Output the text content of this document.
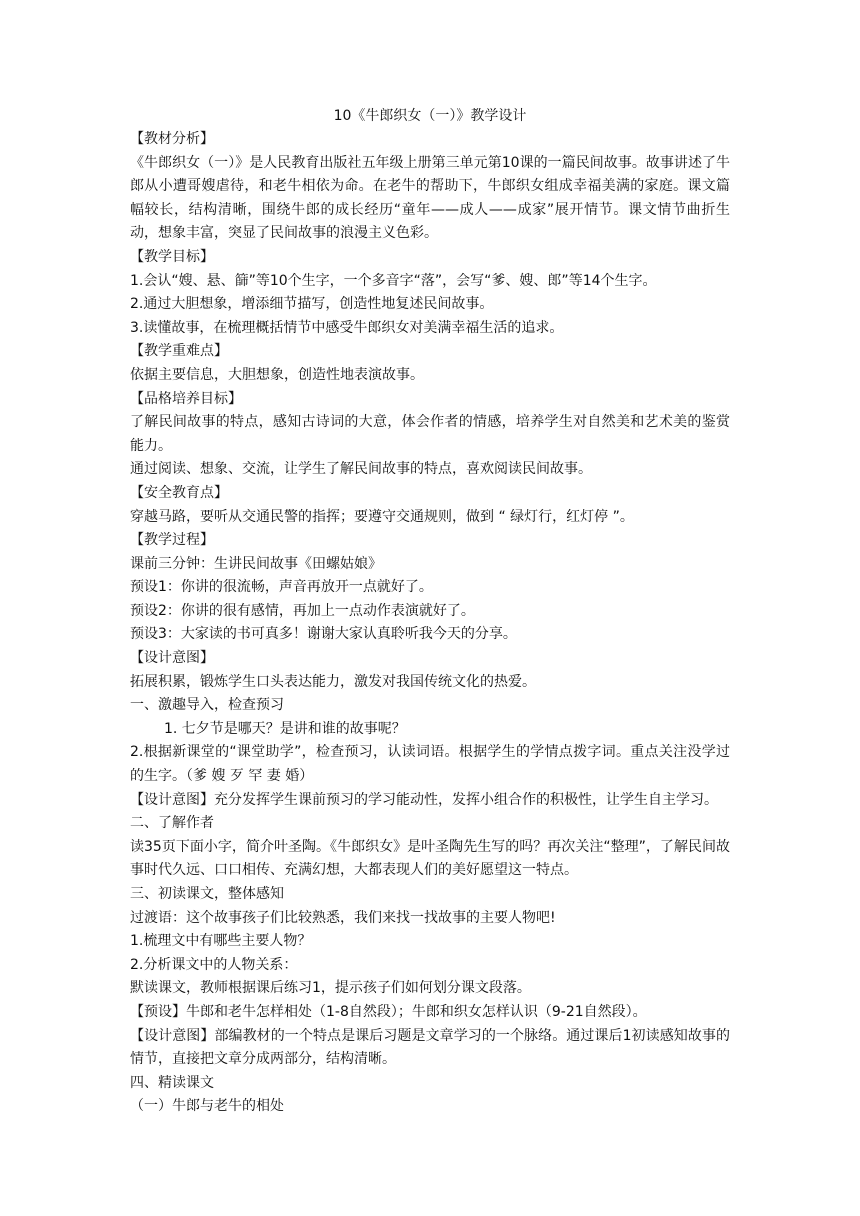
10《牛郎织女（一）》教学设计
【教材分析】
《牛郎织女（一）》是人民教育出版社五年级上册第三单元第10课的一篇民间故事。故事讲述了牛郎从小遭哥嫂虐待，和老牛相依为命。在老牛的帮助下，牛郎织女组成幸福美满的家庭。课文篇幅较长，结构清晰，围绕牛郎的成长经历“童年——成人——成家”展开情节。课文情节曲折生动，想象丰富，突显了民间故事的浪漫主义色彩。
【教学目标】
1.会认“嫂、悬、篩”等10个生字，一个多音字“落”，会写“爹、嫂、郎”等14个生字。
2.通过大胆想象，增添细节描写，创造性地复述民间故事。
3.读懂故事，在梳理概括情节中感受牛郎织女对美满幸福生活的追求。
【教学重难点】
依据主要信息，大胆想象，创造性地表演故事。
【品格培养目标】
了解民间故事的特点，感知古诗词的大意，体会作者的情感，培养学生对自然美和艺术美的鉴赏能力。
通过阅读、想象、交流，让学生了解民间故事的特点，喜欢阅读民间故事。
【安全教育点】
穿越马路，要听从交通民警的指挥；要遵守交通规则，做到 “ 绿灯行，红灯停 ”。
【教学过程】
课前三分钟：生讲民间故事《田螺姑娘》
预设1：你讲的很流畅，声音再放开一点就好了。
预设2：你讲的很有感情，再加上一点动作表演就好了。
预设3：大家读的书可真多！谢谢大家认真聆听我今天的分享。
【设计意图】
拓展积累，锻炼学生口头表达能力，激发对我国传统文化的热爱。
一、激趣导入，检查预习
1. 七夕节是哪天？是讲和谁的故事呢？
2.根据新课堂的“课堂助学”，检查预习，认读词语。根据学生的学情点拨字词。重点关注没学过的生字。（爹 嫂 歹 罕 妻 婚）
【设计意图】充分发挥学生课前预习的学习能动性，发挥小组合作的积极性，让学生自主学习。
二、了解作者
读35页下面小字，简介叶圣陶。《牛郎织女》是叶圣陶先生写的吗？再次关注“整理”，了解民间故事时代久远、口口相传、充满幻想，大都表现人们的美好愿望这一特点。
三、初读课文，整体感知
过渡语：这个故事孩子们比较熟悉，我们来找一找故事的主要人物吧!
1.梳理文中有哪些主要人物？
2.分析课文中的人物关系：
默读课文，教师根据课后练习1，提示孩子们如何划分课文段落。
【预设】牛郎和老牛怎样相处（1-8自然段）；牛郎和织女怎样认识（9-21自然段）。
【设计意图】部编教材的一个特点是课后习题是文章学习的一个脉络。通过课后1初读感知故事的情节，直接把文章分成两部分，结构清晰。
四、精读课文
（一）牛郎与老牛的相处
